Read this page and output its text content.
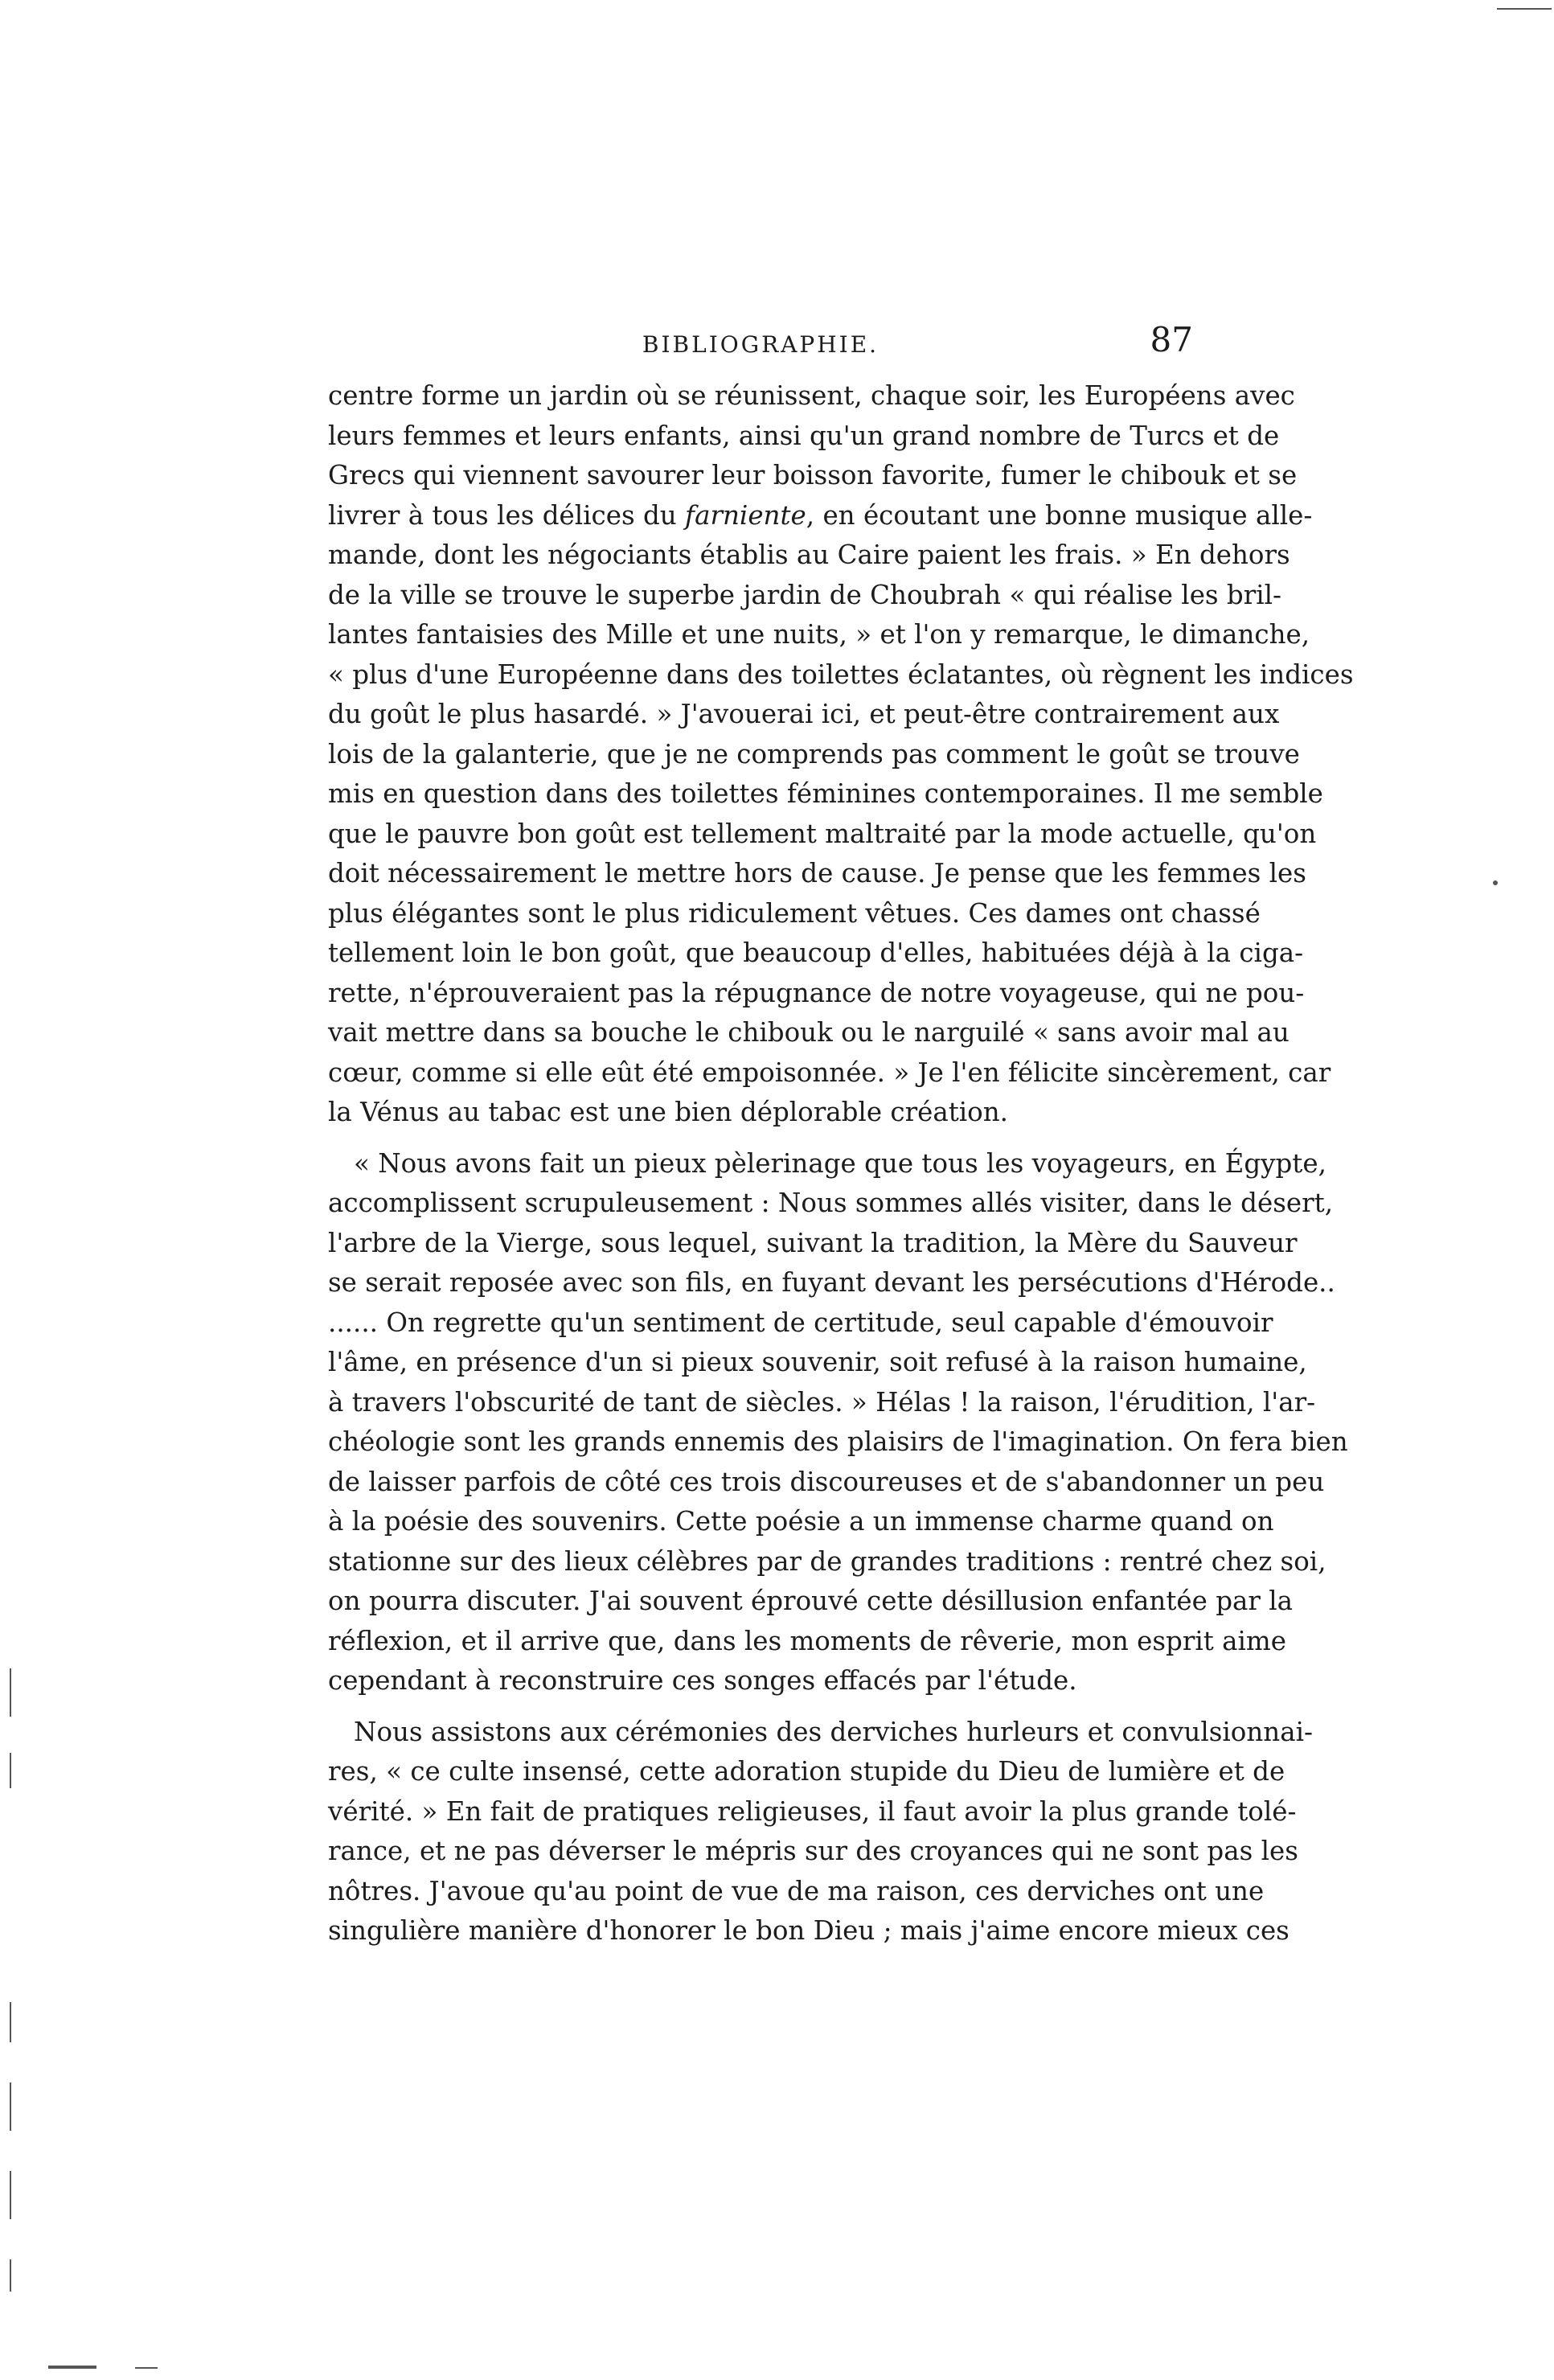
BIBLIOGRAPHIE.	87
centre forme un jardin où se réunissent, chaque soir, les Européens avec
leurs femmes et leurs enfants, ainsi qu'un grand nombre de Turcs et de
Grecs qui viennent savourer leur boisson favorite, fumer le chibouk et se
livrer à tous les délices du farniente, en écoutant une bonne musique alle-
mande, dont les négociants établis au Caire paient les frais. » En dehors
de la ville se trouve le superbe jardin de Choubrah « qui réalise les bril-
lantes fantaisies des Mille et une nuits, » et l'on y remarque, le dimanche,
« plus d'une Européenne dans des toilettes éclatantes, où règnent les indices
du goût le plus hasardé. » J'avouerai ici, et peut-être contrairement aux
lois de la galanterie, que je ne comprends pas comment le goût se trouve
mis en question dans des toilettes féminines contemporaines. Il me semble
que le pauvre bon goût est tellement maltraité par la mode actuelle, qu'on
doit nécessairement le mettre hors de cause. Je pense que les femmes les
plus élégantes sont le plus ridiculement vêtues. Ces dames ont chassé
tellement loin le bon goût, que beaucoup d'elles, habituées déjà à la ciga-
rette, n'éprouveraient pas la répugnance de notre voyageuse, qui ne pou-
vait mettre dans sa bouche le chibouk ou le narguilé « sans avoir mal au
cœur, comme si elle eût été empoisonnée. » Je l'en félicite sincèrement, car
la Vénus au tabac est une bien déplorable création.
« Nous avons fait un pieux pèlerinage que tous les voyageurs, en Égypte,
accomplissent scrupuleusement : Nous sommes allés visiter, dans le désert,
l'arbre de la Vierge, sous lequel, suivant la tradition, la Mère du Sauveur
se serait reposée avec son fils, en fuyant devant les persécutions d'Hérode..
...... On regrette qu'un sentiment de certitude, seul capable d'émouvoir
l'âme, en présence d'un si pieux souvenir, soit refusé à la raison humaine,
à travers l'obscurité de tant de siècles. » Hélas ! la raison, l'érudition, l'ar-
chéologie sont les grands ennemis des plaisirs de l'imagination. On fera bien
de laisser parfois de côté ces trois discoureuses et de s'abandonner un peu
à la poésie des souvenirs. Cette poésie a un immense charme quand on
stationne sur des lieux célèbres par de grandes traditions : rentré chez soi,
on pourra discuter. J'ai souvent éprouvé cette désillusion enfantée par la
réflexion, et il arrive que, dans les moments de rêverie, mon esprit aime
cependant à reconstruire ces songes effacés par l'étude.
Nous assistons aux cérémonies des derviches hurleurs et convulsionnai-
res, « ce culte insensé, cette adoration stupide du Dieu de lumière et de
vérité. » En fait de pratiques religieuses, il faut avoir la plus grande tolé-
rance, et ne pas déverser le mépris sur des croyances qui ne sont pas les
nôtres. J'avoue qu'au point de vue de ma raison, ces derviches ont une
singulière manière d'honorer le bon Dieu ; mais j'aime encore mieux ces
